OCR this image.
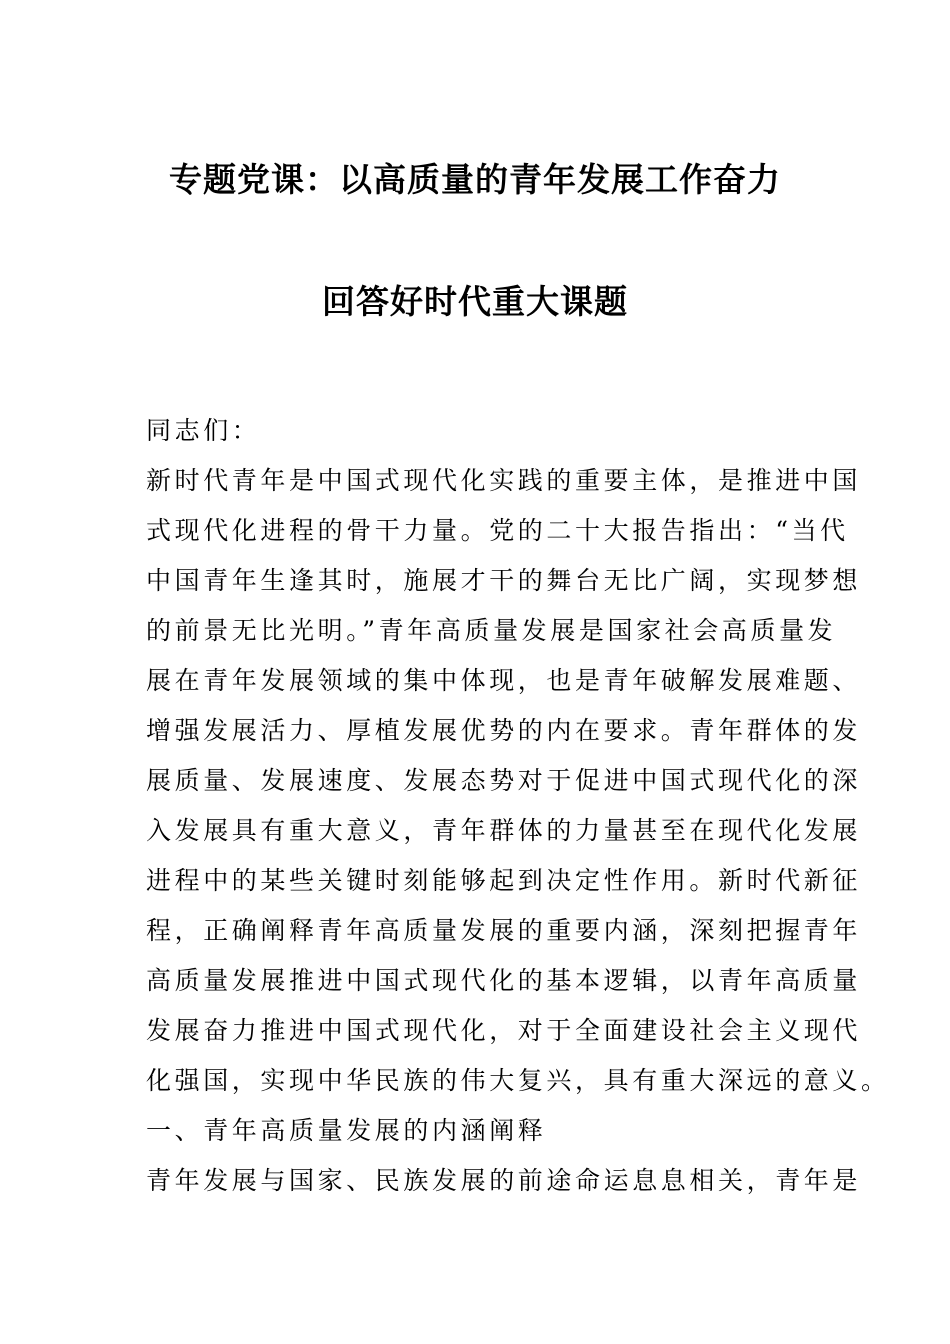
专题党课：以高质量的青年发展工作奋力
回答好时代重大课题
同志们：
新时代青年是中国式现代化实践的重要主体，是推进中国
式现代化进程的骨干力量。党的二十大报告指出：“当代
中国青年生逢其时，施展才干的舞台无比广阔，实现梦想
的前景无比光明。”青年高质量发展是国家社会高质量发
展在青年发展领域的集中体现，也是青年破解发展难题、
增强发展活力、厚植发展优势的内在要求。青年群体的发
展质量、发展速度、发展态势对于促进中国式现代化的深
入发展具有重大意义，青年群体的力量甚至在现代化发展
进程中的某些关键时刻能够起到决定性作用。新时代新征
程，正确阐释青年高质量发展的重要内涵，深刻把握青年
高质量发展推进中国式现代化的基本逻辑，以青年高质量
发展奋力推进中国式现代化，对于全面建设社会主义现代
化强国，实现中华民族的伟大复兴，具有重大深远的意义。
一、青年高质量发展的内涵阐释
青年发展与国家、民族发展的前途命运息息相关，青年是
